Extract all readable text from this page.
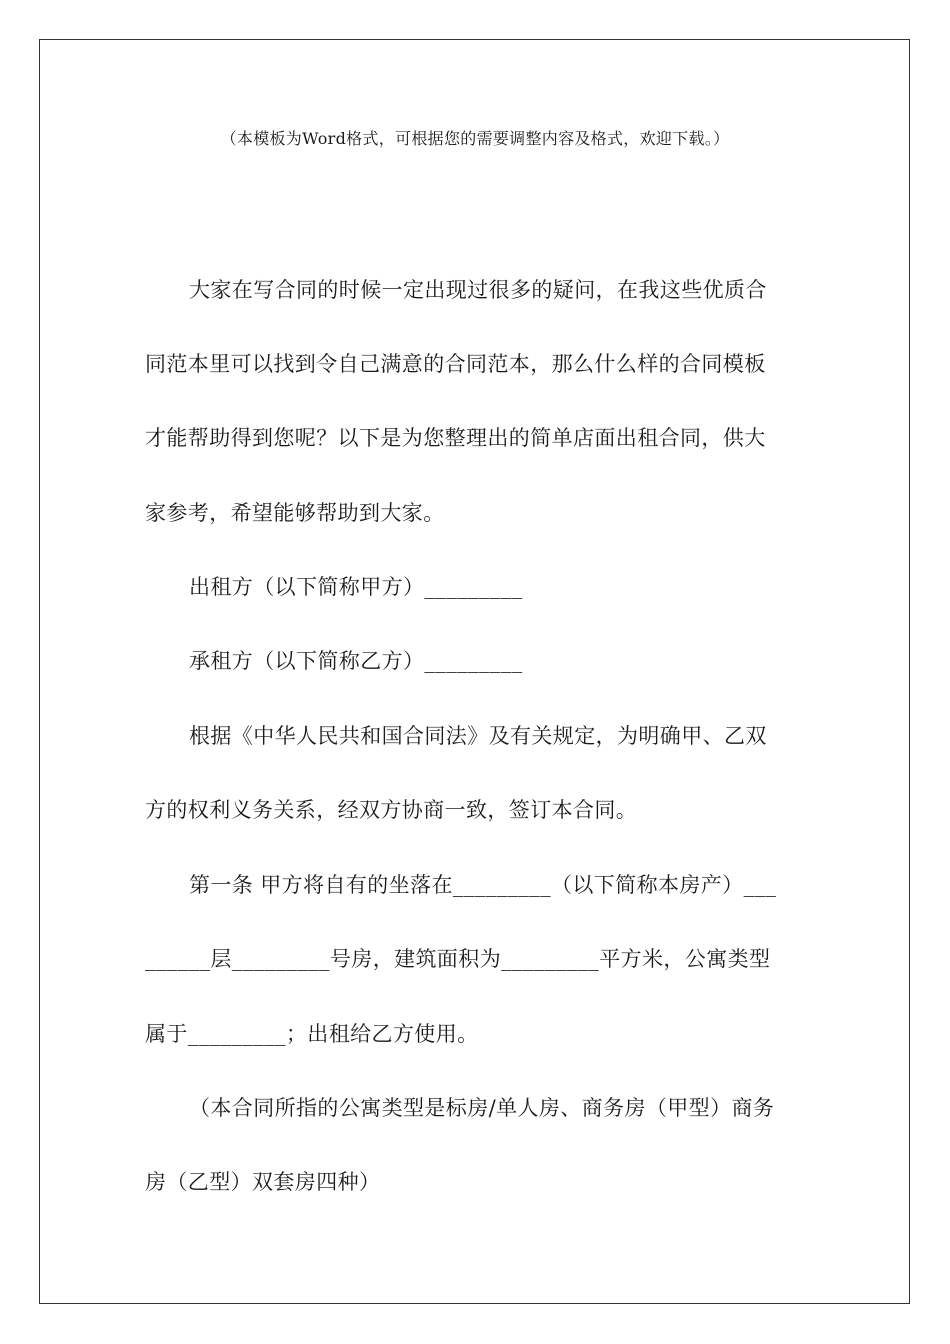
（本模板为Word格式，可根据您的需要调整内容及格式，欢迎下载。）
大家在写合同的时候一定出现过很多的疑问，在我这些优质合
同范本里可以找到令自己满意的合同范本，那么什么样的合同模板
才能帮助得到您呢？以下是为您整理出的简单店面出租合同，供大
家参考，希望能够帮助到大家。
出租方（以下简称甲方）_________
承租方（以下简称乙方）_________
根据《中华人民共和国合同法》及有关规定，为明确甲、乙双
方的权利义务关系，经双方协商一致，签订本合同。
第一条 甲方将自有的坐落在_________（以下简称本房产）___
______层_________号房，建筑面积为_________平方米，公寓类型
属于_________；出租给乙方使用。
（本合同所指的公寓类型是标房/单人房、商务房（甲型）商务
房（乙型）双套房四种）
